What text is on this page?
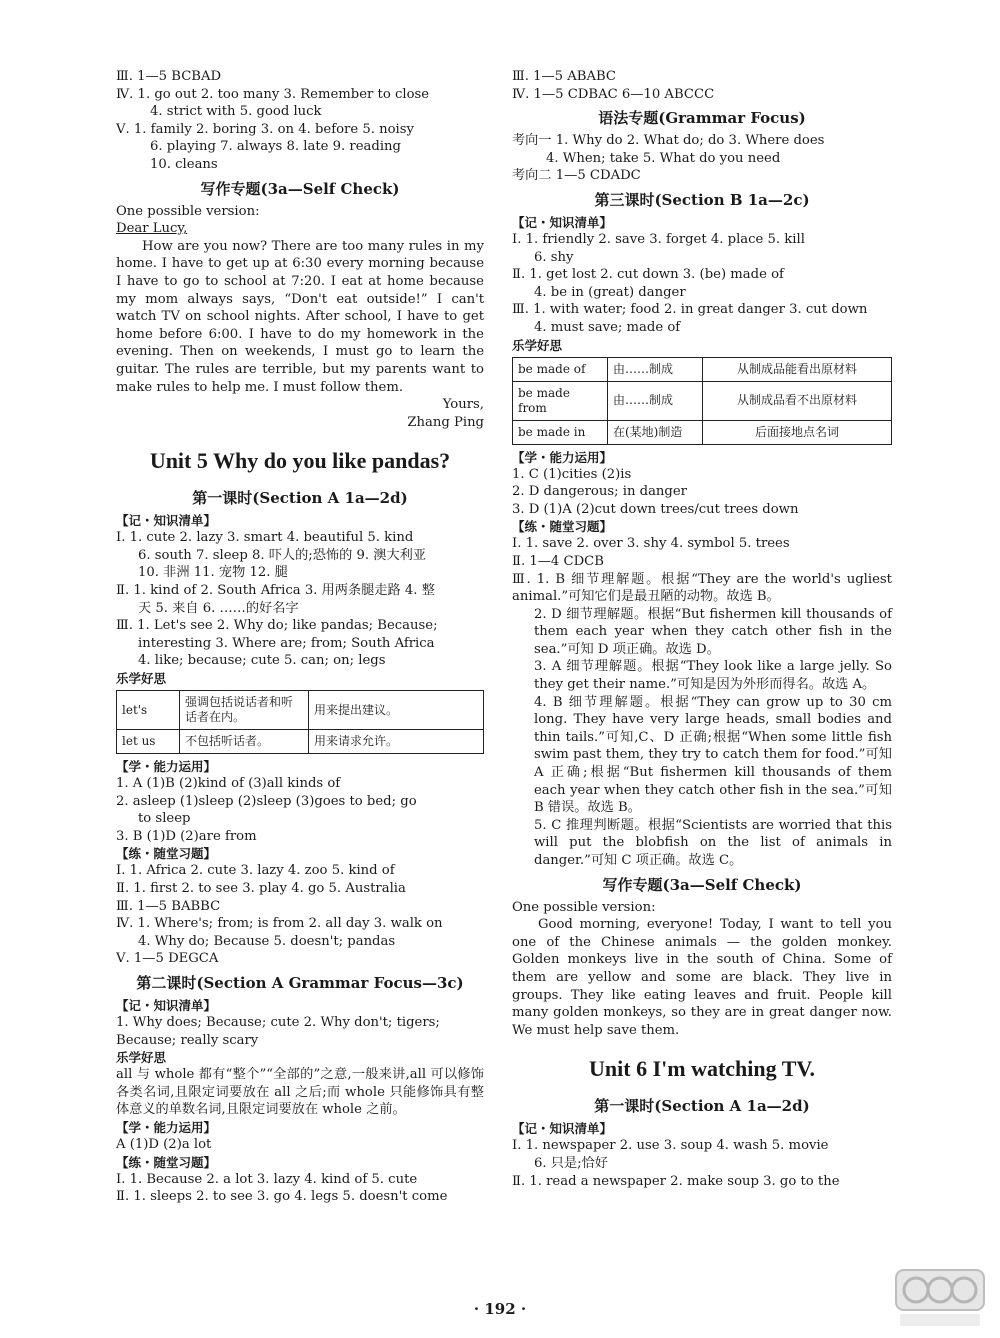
Ⅲ. 1—5 BCBAD
Ⅳ. 1. go out 2. too many 3. Remember to close
4. strict with 5. good luck
Ⅴ. 1. family 2. boring 3. on 4. before 5. noisy
6. playing 7. always 8. late 9. reading
10. cleans
写作专题(3a—Self Check)
One possible version:
Dear Lucy,
How are you now? There are too many rules in my home. I have to get up at 6:30 every morning because I have to go to school at 7:20. I eat at home because my mom always says, “Don't eat outside!” I can't watch TV on school nights. After school, I have to get home before 6:00. I have to do my homework in the evening. Then on weekends, I must go to learn the guitar. The rules are terrible, but my parents want to make rules to help me. I must follow them.
Yours,
Zhang Ping
Unit 5 Why do you like pandas?
第一课时(Section A 1a—2d)
【记・知识清单】
Ⅰ. 1. cute 2. lazy 3. smart 4. beautiful 5. kind
6. south 7. sleep 8. 吓人的;恐怖的 9. 澳大利亚
10. 非洲 11. 宠物 12. 腿
Ⅱ. 1. kind of 2. South Africa 3. 用两条腿走路 4. 整
天 5. 来自 6. ……的好名字
Ⅲ. 1. Let's see 2. Why do; like pandas; Because;
interesting 3. Where are; from; South Africa
4. like; because; cute 5. can; on; legs
乐学好思
let's	强调包括说话者和听话者在内。	用来提出建议。
let us	不包括听话者。	用来请求允许。
【学・能力运用】
1. A (1)B (2)kind of (3)all kinds of
2. asleep (1)sleep (2)sleep (3)goes to bed; go
to sleep
3. B (1)D (2)are from
【练・随堂习题】
Ⅰ. 1. Africa 2. cute 3. lazy 4. zoo 5. kind of
Ⅱ. 1. first 2. to see 3. play 4. go 5. Australia
Ⅲ. 1—5 BABBC
Ⅳ. 1. Where's; from; is from 2. all day 3. walk on
4. Why do; Because 5. doesn't; pandas
Ⅴ. 1—5 DEGCA
第二课时(Section A Grammar Focus—3c)
【记・知识清单】
1. Why does; Because; cute 2. Why don't; tigers;
Because; really scary
乐学好思
all 与 whole 都有“整个”“全部的”之意,一般来讲,all 可以修饰各类名词,且限定词要放在 all 之后;而 whole 只能修饰具有整体意义的单数名词,且限定词要放在 whole 之前。
【学・能力运用】
A (1)D (2)a lot
【练・随堂习题】
Ⅰ. 1. Because 2. a lot 3. lazy 4. kind of 5. cute
Ⅱ. 1. sleeps 2. to see 3. go 4. legs 5. doesn't come
Ⅲ. 1—5 ABABC
Ⅳ. 1—5 CDBAC 6—10 ABCCC
语法专题(Grammar Focus)
考向一 1. Why do 2. What do; do 3. Where does
4. When; take 5. What do you need
考向二 1—5 CDADC
第三课时(Section B 1a—2c)
【记・知识清单】
Ⅰ. 1. friendly 2. save 3. forget 4. place 5. kill
6. shy
Ⅱ. 1. get lost 2. cut down 3. (be) made of
4. be in (great) danger
Ⅲ. 1. with water; food 2. in great danger 3. cut down
4. must save; made of
乐学好思
be made of	由……制成	从制成品能看出原材料
be made from	由……制成	从制成品看不出原材料
be made in	在(某地)制造	后面接地点名词
【学・能力运用】
1. C (1)cities (2)is
2. D dangerous; in danger
3. D (1)A (2)cut down trees/cut trees down
【练・随堂习题】
Ⅰ. 1. save 2. over 3. shy 4. symbol 5. trees
Ⅱ. 1—4 CDCB
Ⅲ. 1. B 细节理解题。根据“They are the world's ugliest animal.”可知它们是最丑陋的动物。故选 B。
2. D 细节理解题。根据“But fishermen kill thousands of them each year when they catch other fish in the sea.”可知 D 项正确。故选 D。
3. A 细节理解题。根据“They look like a large jelly. So they get their name.”可知是因为外形而得名。故选 A。
4. B 细节理解题。根据“They can grow up to 30 cm long. They have very large heads, small bodies and thin tails.”可知,C、D 正确;根据“When some little fish swim past them, they try to catch them for food.”可知 A 正确;根据“But fishermen kill thousands of them each year when they catch other fish in the sea.”可知 B 错误。故选 B。
5. C 推理判断题。根据“Scientists are worried that this will put the blobfish on the list of animals in danger.”可知 C 项正确。故选 C。
写作专题(3a—Self Check)
One possible version:
Good morning, everyone! Today, I want to tell you one of the Chinese animals — the golden monkey. Golden monkeys live in the south of China. Some of them are yellow and some are black. They live in groups. They like eating leaves and fruit. People kill many golden monkeys, so they are in great danger now. We must help save them.
Unit 6 I'm watching TV.
第一课时(Section A 1a—2d)
【记・知识清单】
Ⅰ. 1. newspaper 2. use 3. soup 4. wash 5. movie
6. 只是;恰好
Ⅱ. 1. read a newspaper 2. make soup 3. go to the
· 192 ·
